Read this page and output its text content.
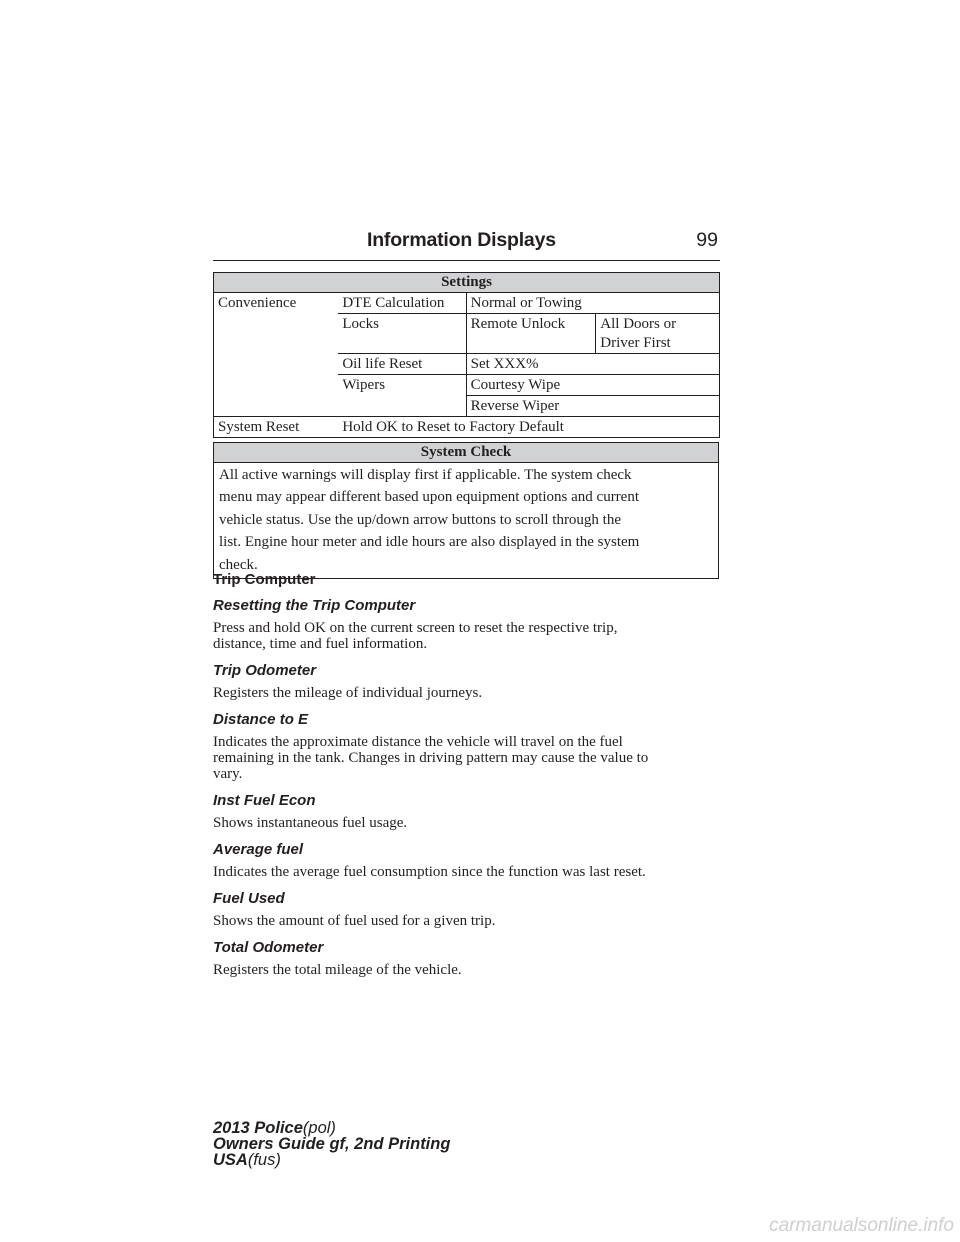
Information Displays	99
Settings			
Convenience	DTE Calculation	Normal or Towing	
	Locks	Remote Unlock	All Doors or
Driver First

	Oil life Reset	Set XXX%	
	Wipers	Courtesy Wipe	
		Reverse Wiper	
System Reset	Hold OK to Reset to Factory Default		
System Check
All active warnings will display first if applicable. The system check
menu may appear different based upon equipment options and current
vehicle status. Use the up/down arrow buttons to scroll through the
list. Engine hour meter and idle hours are also displayed in the system
check.
Trip Computer
Resetting the Trip Computer
Press and hold OK on the current screen to reset the respective trip,
distance, time and fuel information.
Trip Odometer
Registers the mileage of individual journeys.
Distance to E
Indicates the approximate distance the vehicle will travel on the fuel
remaining in the tank. Changes in driving pattern may cause the value to
vary.
Inst Fuel Econ
Shows instantaneous fuel usage.
Average fuel
Indicates the average fuel consumption since the function was last reset.
Fuel Used
Shows the amount of fuel used for a given trip.
Total Odometer
Registers the total mileage of the vehicle.
2013 Police(pol)
Owners Guide gf, 2nd Printing
USA(fus)
carmanualsonline.info
